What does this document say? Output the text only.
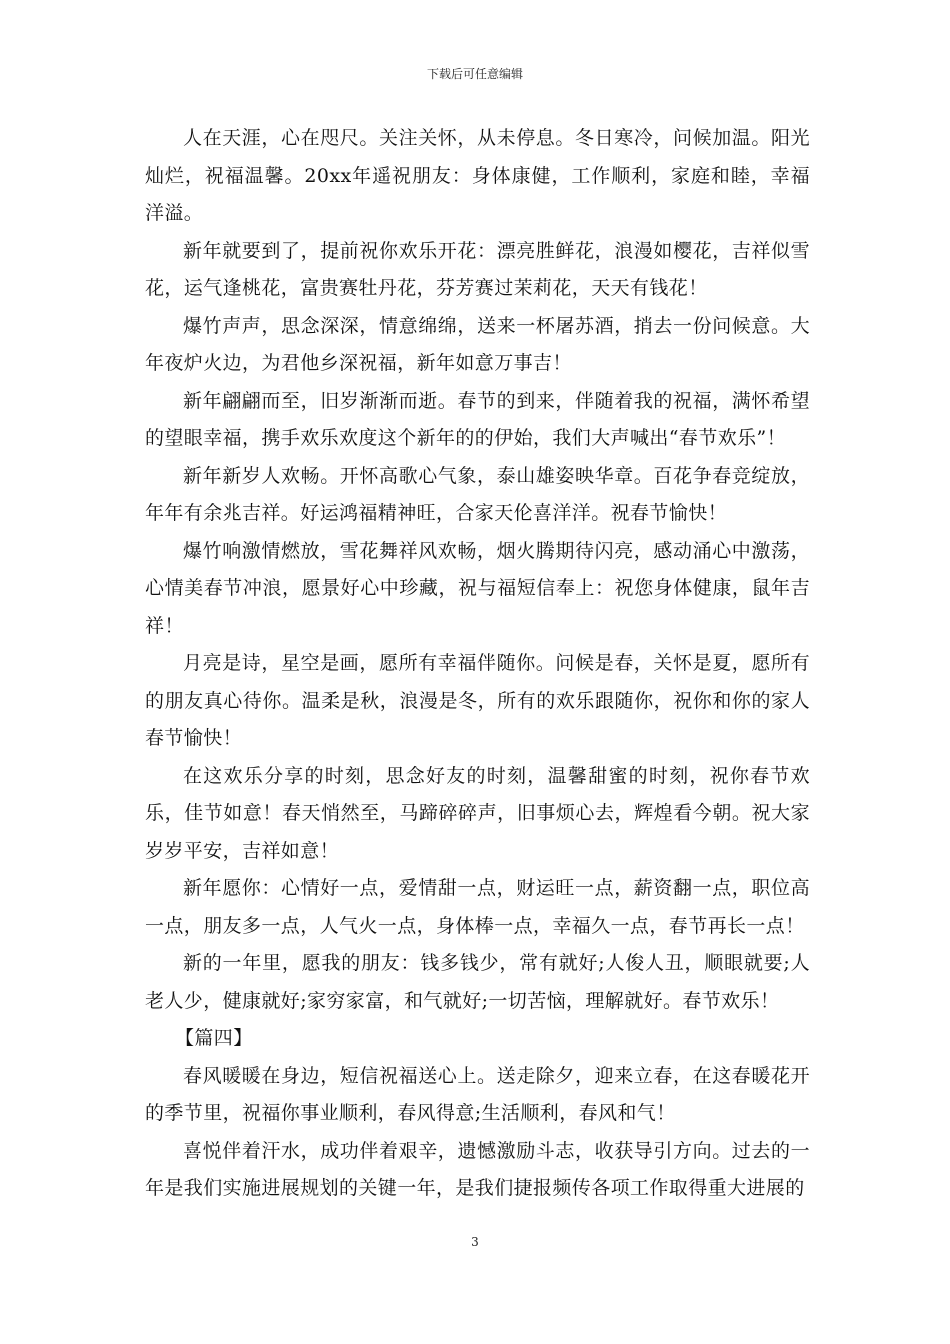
下载后可任意编辑

人在天涯，心在咫尺。关注关怀，从未停息。冬日寒冷，问候加温。阳光灿烂，祝福温馨。20xx年遥祝朋友：身体康健，工作顺利，家庭和睦，幸福洋溢。

新年就要到了，提前祝你欢乐开花：漂亮胜鲜花，浪漫如樱花，吉祥似雪花，运气逢桃花，富贵赛牡丹花，芬芳赛过茉莉花，天天有钱花！

爆竹声声，思念深深，情意绵绵，送来一杯屠苏酒，捎去一份问候意。大年夜炉火边，为君他乡深祝福，新年如意万事吉！

新年翩翩而至，旧岁渐渐而逝。春节的到来，伴随着我的祝福，满怀希望的望眼幸福，携手欢乐欢度这个新年的的伊始，我们大声喊出“春节欢乐”！

新年新岁人欢畅。开怀高歌心气象，泰山雄姿映华章。百花争春竞绽放，年年有余兆吉祥。好运鸿福精神旺，合家天伦喜洋洋。祝春节愉快！

爆竹响激情燃放，雪花舞祥风欢畅，烟火腾期待闪亮，感动涌心中激荡，心情美春节冲浪，愿景好心中珍藏，祝与福短信奉上：祝您身体健康，鼠年吉祥！

月亮是诗，星空是画，愿所有幸福伴随你。问候是春，关怀是夏，愿所有的朋友真心待你。温柔是秋，浪漫是冬，所有的欢乐跟随你，祝你和你的家人春节愉快！

在这欢乐分享的时刻，思念好友的时刻，温馨甜蜜的时刻，祝你春节欢乐，佳节如意！春天悄然至，马蹄碎碎声，旧事烦心去，辉煌看今朝。祝大家岁岁平安，吉祥如意！

新年愿你：心情好一点，爱情甜一点，财运旺一点，薪资翻一点，职位高一点，朋友多一点，人气火一点，身体棒一点，幸福久一点，春节再长一点！

新的一年里，愿我的朋友：钱多钱少，常有就好;人俊人丑，顺眼就要;人老人少，健康就好;家穷家富，和气就好;一切苦恼，理解就好。春节欢乐！

【篇四】

春风暖暖在身边，短信祝福送心上。送走除夕，迎来立春，在这春暖花开的季节里，祝福你事业顺利，春风得意;生活顺利，春风和气！

喜悦伴着汗水，成功伴着艰辛，遗憾激励斗志，收获导引方向。过去的一年是我们实施进展规划的关键一年，是我们捷报频传各项工作取得重大进展的

3
